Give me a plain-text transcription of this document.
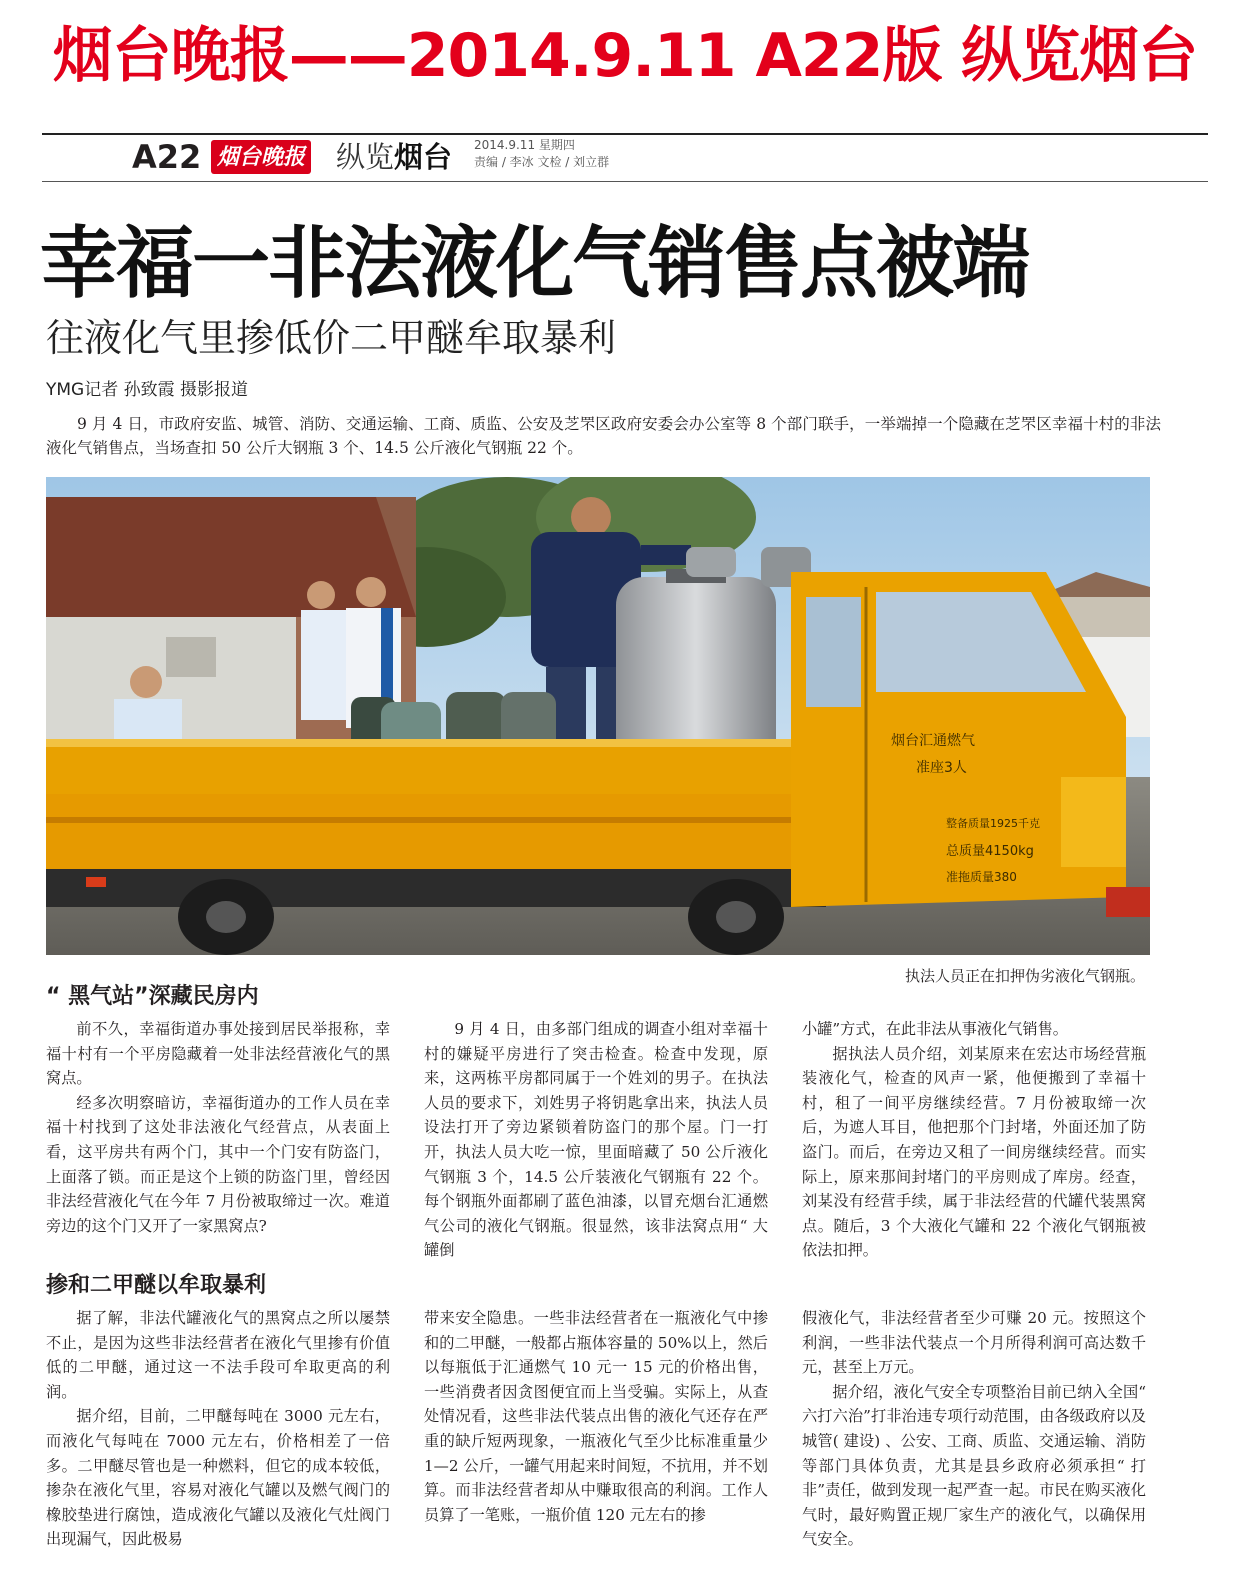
烟台晚报——2014.9.11 A22版 纵览烟台
A22 烟台晚报 纵览烟台 2014.9.11 星期四
责编 / 李冰 文检 / 刘立群
幸福一非法液化气销售点被端
往液化气里掺低价二甲醚牟取暴利
YMG记者 孙致霞 摄影报道
9 月 4 日，市政府安监、城管、消防、交通运输、工商、质监、公安及芝罘区政府安委会办公室等 8 个部门联手，一举端掉一个隐藏在芝罘区幸福十村的非法液化气销售点，当场查扣 50 公斤大钢瓶 3 个、14.5 公斤液化气钢瓶 22 个。
烟台汇通燃气
准座3人
整备质量1925千克
总质量4150kg
准拖质量380
执法人员正在扣押伪劣液化气钢瓶。
“ 黑气站”深藏民房内

前不久，幸福街道办事处接到居民举报称，幸福十村有一个平房隐藏着一处非法经营液化气的黑窝点。

经多次明察暗访，幸福街道办的工作人员在幸福十村找到了这处非法液化气经营点，从表面上看，这平房共有两个门，其中一个门安有防盗门，上面落了锁。而正是这个上锁的防盗门里，曾经因非法经营液化气在今年 7 月份被取缔过一次。难道旁边的这个门又开了一家黑窝点?

9 月 4 日，由多部门组成的调查小组对幸福十村的嫌疑平房进行了突击检查。检查中发现，原来，这两栋平房都同属于一个姓刘的男子。在执法人员的要求下，刘姓男子将钥匙拿出来，执法人员设法打开了旁边紧锁着防盗门的那个屋。门一打开，执法人员大吃一惊，里面暗藏了 50 公斤液化气钢瓶 3 个，14.5 公斤装液化气钢瓶有 22 个。每个钢瓶外面都刷了蓝色油漆，以冒充烟台汇通燃气公司的液化气钢瓶。很显然，该非法窝点用“ 大罐倒

小罐”方式，在此非法从事液化气销售。

据执法人员介绍，刘某原来在宏达市场经营瓶装液化气，检查的风声一紧，他便搬到了幸福十村，租了一间平房继续经营。7 月份被取缔一次后，为遮人耳目，他把那个门封堵，外面还加了防盗门。而后，在旁边又租了一间房继续经营。而实际上，原来那间封堵门的平房则成了库房。经查，刘某没有经营手续，属于非法经营的代罐代装黑窝点。随后，3 个大液化气罐和 22 个液化气钢瓶被依法扣押。

掺和二甲醚以牟取暴利

据了解，非法代罐液化气的黑窝点之所以屡禁不止，是因为这些非法经营者在液化气里掺有价值低的二甲醚，通过这一不法手段可牟取更高的利润。

据介绍，目前，二甲醚每吨在 3000 元左右，而液化气每吨在 7000 元左右，价格相差了一倍多。二甲醚尽管也是一种燃料，但它的成本较低，掺杂在液化气里，容易对液化气罐以及燃气阀门的橡胶垫进行腐蚀，造成液化气罐以及液化气灶阀门出现漏气，因此极易

带来安全隐患。一些非法经营者在一瓶液化气中掺和的二甲醚，一般都占瓶体容量的 50%以上，然后以每瓶低于汇通燃气 10 元一 15 元的价格出售，一些消费者因贪图便宜而上当受骗。实际上，从查处情况看，这些非法代装点出售的液化气还存在严重的缺斤短两现象，一瓶液化气至少比标准重量少 1—2 公斤，一罐气用起来时间短，不抗用，并不划算。而非法经营者却从中赚取很高的利润。工作人员算了一笔账，一瓶价值 120 元左右的掺

假液化气，非法经营者至少可赚 20 元。按照这个利润，一些非法代装点一个月所得利润可高达数千元，甚至上万元。

据介绍，液化气安全专项整治目前已纳入全国“ 六打六治”打非治违专项行动范围，由各级政府以及城管( 建设) 、公安、工商、质监、交通运输、消防等部门具体负责，尤其是县乡政府必须承担“ 打非”责任，做到发现一起严查一起。市民在购买液化气时，最好购置正规厂家生产的液化气，以确保用气安全。
